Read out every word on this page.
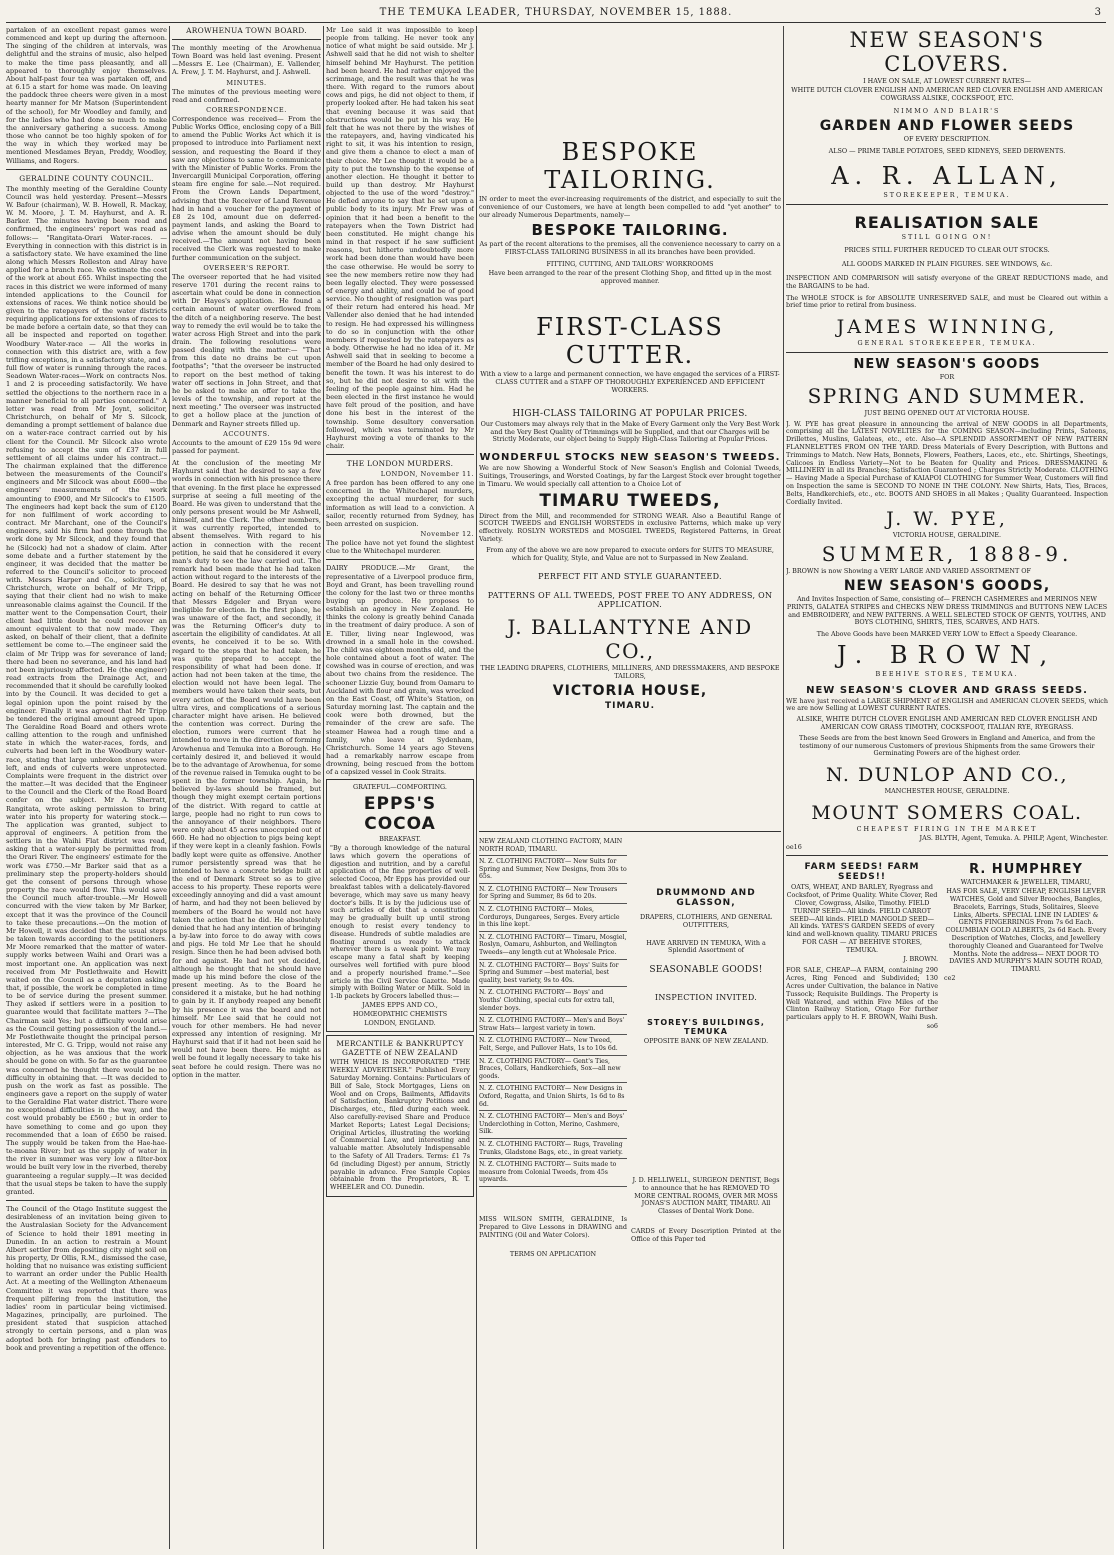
THE TEMUKA LEADER, THURSDAY, NOVEMBER 15, 1888.	3
partaken of an excellent repast games were commenced and kept up during the afternoon. The singing of the children at intervals, was delightful and the strains of music, also helped to make the time pass pleasantly, and all appeared to thoroughly enjoy themselves. About half-past four tea was partaken off, and at 6.15 a start for home was made. On leaving the paddock three cheers were given in a most hearty manner for Mr Matson (Superintendent of the school), for Mr Woodley and family, and for the ladies who had done so much to make the anniversary gathering a success. Among those who cannot be too highly spoken of for the way in which they worked may be mentioned Mesdames Bryan, Preddy, Woodley, Williams, and Rogers.
GERALDINE COUNTY COUNCIL.
The monthly meeting of the Geraldine County Council was held yesterday. Present—Messrs W. Bafour (chairman), W. B. Howell, R. Mackay, W. M. Moore, J. T. M. Hayhurst, and A. R. Barker. The minutes having been read and confirmed, the engineers' report was read as follows:— "Rangitata-Orari Water-races. — Everything in connection with this district is in a satisfactory state. We have examined the line along which Messrs Rolleston and Alray have applied for a branch race. We estimate the cost of the work at about £65. Whilst inspecting the races in this district we were informed of many intended applications to the Council for extensions of races. We think notice should be given to the ratepayers of the water districts requiring applications for extensions of races to be made before a certain date, so that they can all be inspected and reported on together. Woodbury Water-race — All the works in connection with this district are, with a few trifling exceptions, in a satisfactory state, and a full flow of water is running through the races. Seadown Water-races—Work on contracts Nos. 1 and 2 is proceeding satisfactorily. We have settled the objections to the northern race in a manner beneficial to all parties concerned." A letter was read from Mr Joynt, solicitor, Christchurch, on behalf of Mr S. Silcock, demanding a prompt settlement of balance due on a water-race contract carried out by his client for the Council. Mr Silcock also wrote refusing to accept the sum of £37 in full settlement of all claims under his contract.—The chairman explained that the difference between the measurements of the Council's engineers and Mr Silcock was about £600—the engineers' measurements of the work amounting to £900, and Mr Silcock's to £1505. The engineers had kept back the sum of £120 for non fulfilment of work according to contract. Mr Marchant, one of the Council's engineers, said his firm had gone through the work done by Mr Silcock, and they found that he (Silcock) had not a shadow of claim. After some debate and a further statement by the engineer, it was decided that the matter be referred to the Council's solicitor to proceed with. Messrs Harper and Co., solicitors, of Christchurch, wrote on behalf of Mr Tripp, saying that their client had no wish to make unreasonable claims against the Council. If the matter went to the Compensation Court, their client had little doubt he could recover an amount equivalent to that now made. They asked, on behalf of their client, that a definite settlement be come to.—The engineer said the claim of Mr Tripp was for severance of land; there had been no severance, and his land had not been injuriously affected. He (the engineer) read extracts from the Drainage Act, and recommended that it should be carefully looked into by the Council. It was decided to get a legal opinion upon the point raised by the engineer. Finally it was agreed that Mr Tripp be tendered the original amount agreed upon. The Geraldine Road Board and others wrote calling attention to the rough and unfinished state in which the water-races, fords, and culverts had been left in the Woodbury water-race, stating that large unbroken stones were left, and ends of culverts were unprotected. Complaints were frequent in the district over the matter.—It was decided that the Engineer to the Council and the Clerk of the Road Board confer on the subject. Mr A. Sherratt, Rangitata, wrote asking permission to bring water into his property for watering stock.—The application was granted, subject to approval of engineers. A petition from the settlers in the Waihi Flat district was read, asking that a water-supply be permitted from the Orari River. The engineers' estimate for the work was £750.—Mr Barker said that as a preliminary step the property-holders should get the consent of persons through whose property the race would flow. This would save the Council much after-trouble.—Mr Howell concurred with the view taken by Mr Barker, except that it was the province of the Council to take these precautions.—On the motion of Mr Howell, it was decided that the usual steps be taken towards according to the petitioners. Mr Moore remarked that the matter of water-supply works between Waihi and Orari was a most important one. An application was next received from Mr Postlethwaite and Hewitt waited on the Council as a deputation asking that, if possible, the work be completed in time to be of service during the present summer. They asked if settlers were in a position to guarantee would that facilitate matters ?—The Chairman said Yes; but a difficulty would arise as the Council getting possession of the land.—Mr Postlethwaite thought the principal person interested, Mr C. G. Tripp, would not raise any objection, as he was anxious that the work should be gone on with. So far as the guarantee was concerned he thought there would be no difficulty in obtaining that. —It was decided to push on the work as fast as possible. The engineers gave a report on the supply of water to the Geraldine Flat water district. There were no exceptional difficulties in the way, and the cost would probably be £560 ; but in order to have something to come and go upon they recommended that a loan of £650 be raised. The supply would be taken from the Hae-hae-te-moana River; but as the supply of water in the river in summer was very low a filter-box would be built very low in the riverbed, thereby guaranteeing a regular supply.—It was decided that the usual steps be taken to have the supply granted.
The Council of the Otago Institute suggest the desirableness of an invitation being given to the Australasian Society for the Advancement of Science to hold their 1891 meeting in Dunedin. In an action to restrain a Mount Albert settler from depositing city night soil on his property, Dr Ollis, R.M., dismissed the case, holding that no nuisance was existing sufficient to warrant an order under the Public Health Act. At a meeting of the Wellington Athenaeum Committee it was reported that there was frequent pilfering from the institution, the ladies' room in particular being victimised. Magazines, principally, are purloined. The president stated that suspicion attached strongly to certain persons, and a plan was adopted both for bringing past offenders to book and preventing a repetition of the offence.
AROWHENUA TOWN BOARD.
The monthly meeting of the Arowhenua Town Board was held last evening. Present—Messrs E. Lee (Chairman), E. Vallender, A. Frew, J. T. M. Hayhurst, and J. Ashwell.
MINUTES.
The minutes of the previous meeting were read and confirmed.
CORRESPONDENCE.
Correspondence was received— From the Public Works Office, enclosing copy of a Bill to amend the Public Works Act which it is proposed to introduce into Parliament next session, and requesting the Board if they saw any objections to same to communicate with the Minister of Public Works. From the Invercargill Municipal Corporation, offering steam fire engine for sale.—Not required. From the Crown Lands Department, advising that the Receiver of Land Revenue had in hand a voucher for the payment of £8 2s 10d, amount due on deferred-payment lands, and asking the Board to advise when the amount should be duly received.—The amount not having been received the Clerk was requested to make further communication on the subject.
OVERSEER'S REPORT.
The overseer reported that he had visited reserve 1701 during the recent rains to ascertain what could be done in connection with Dr Hayes's application. He found a certain amount of water overflowed from the ditch of a neighboring reserve. The best way to remedy the evil would be to take the water across High Street and into the park drain. The following resolutions were passed dealing with the matter:— "That from this date no drains be cut upon footpaths"; "that the overseer be instructed to report on the best method of taking water off sections in John Street, and that he be asked to make an offer to take the levels of the township, and report at the next meeting." The overseer was instructed to get a hollow place at the junction of Denmark and Rayner streets filled up.
ACCOUNTS.
Accounts to the amount of £29 15s 9d were passed for payment.
At the conclusion of the meeting Mr Hayhurst said that he desired to say a few words in connection with his presence there that evening. In the first place he expressed surprise at seeing a full meeting of the Board. He was given to understand that the only persons present would be Mr Ashwell, himself, and the Clerk. The other members, it was currently reported, intended to absent themselves. With regard to his action in connection with the recent petition, he said that he considered it every man's duty to see the law carried out. The remark had been made that he had taken action without regard to the interests of the Board. He desired to say that he was not acting on behalf of the Returning Officer that Messrs Edgeler and Bryan were ineligible for election. In the first place, he was unaware of the fact, and secondly, it was the Returning Officer's duty to ascertain the eligibility of candidates. At all events, he conceived it to be so. With regard to the steps that he had taken, he was quite prepared to accept the responsibility of what had been done. If action had not been taken at the time, the election would not have been legal. The members would have taken their seats, but every action of the Board would have been ultra vires, and complications of a serious character might have arisen. He believed the contention was correct. During the election, rumors were current that he intended to move in the direction of forming Arowhenua and Temuka into a Borough. He certainly desired it, and believed it would be to the advantage of Arowhenua, for some of the revenue raised in Temuka ought to be spent in the former township. Again, he believed by-laws should be framed, but though they might exempt certain portions of the district. With regard to cattle at large, people had no right to run cows to the annoyance of their neighbors. There were only about 45 acres unoccupied out of 660. He had no objection to pigs being kept if they were kept in a cleanly fashion. Fowls badly kept were quite as offensive. Another rumor persistently spread was that he intended to have a concrete bridge built at the end of Denmark Street so as to give access to his property. These reports were exceedingly annoying and did a vast amount of harm, and had they not been believed by members of the Board he would not have taken the action that he did. He absolutely denied that he had any intention of bringing a by-law into force to do away with cows and pigs. He told Mr Lee that he should resign. Since then he had been advised both for and against. He had not yet decided, although he thought that he should have made up his mind before the close of the present meeting. As to the Board he considered it a mistake, but he had nothing to gain by it. If anybody reaped any benefit by his presence it was the board and not himself. Mr Lee said that he could not vouch for other members. He had never expressed any intention of resigning. Mr Hayhurst said that if it had not been said he would not have been there. He might as well be found it legally necessary to take his seat before he could resign. There was no option in the matter.
Mr Lee said it was impossible to keep people from talking. He never took any notice of what might be said outside. Mr J. Ashwell said that he did not wish to shelter himself behind Mr Hayhurst. The petition had been heard. He had rather enjoyed the scrimmage, and the result was that he was there. With regard to the rumors about cows and pigs, he did not object to them, if properly looked after. He had taken his seat that evening because it was said that obstructions would be put in his way. He felt that he was not there by the wishes of the ratepayers, and, having vindicated his right to sit, it was his intention to resign, and give them a chance to elect a man of their choice. Mr Lee thought it would be a pity to put the township to the expense of another election. He thought it better to build up than destroy. Mr Hayhurst objected to the use of the word "destroy." He defied anyone to say that he set upon a public body to its injury. Mr Frew was of opinion that it had been a benefit to the ratepayers when the Town District had been constituted. He might change his mind in that respect if he saw sufficient reasons, but hitherto undoubtedly more work had been done than would have been the case otherwise. He would be sorry to see the new members retire now they had been legally elected. They were possessed of energy and ability, and could be of good service. No thought of resignation was part of their return had entered his head. Mr Vallender also denied that he had intended to resign. He had expressed his willingness to do so in conjunction with the other members if requested by the ratepayers as a body. Otherwise he had no idea of it. Mr Ashwell said that in seeking to become a member of the Board he had only desired to benefit the town. It was his interest to do so, but he did not desire to sit with the feeling of the people against him. Had he been elected in the first instance he would have felt proud of the position, and have done his best in the interest of the township. Some desultory conversation followed, which was terminated by Mr Hayhurst moving a vote of thanks to the chair.
THE LONDON MURDERS.
LONDON, November 11.
A free pardon has been offered to any one concerned in the Whitechapel murders, excepting the actual murderer, for such information as will lead to a conviction. A sailor, recently returned from Sydney, has been arrested on suspicion.
November 12.
The police have not yet found the slightest clue to the Whitechapel murderer.
DAIRY PRODUCE.—Mr Grant, the representative of a Liverpool produce firm, Boyd and Grant, has been travelling round the colony for the last two or three months buying up produce. He proposes to establish an agency in New Zealand. He thinks the colony is greatly behind Canada in the treatment of dairy produce. A son of E. Tiller, living near Inglewood, was drowned in a small hole in the cowshed. The child was eighteen months old, and the hole contained about a foot of water. The cowshed was in course of erection, and was about two chains from the residence. The schooner Lizzie Guy, bound from Oamaru to Auckland with flour and grain, was wrecked on the East Coast, off White's Station, on Saturday morning last. The captain and the cook were both drowned, but the remainder of the crew are safe. The steamer Hawea had a rough time and a family, who leave at Sydenham, Christchurch. Some 14 years ago Stevens had a remarkably narrow escape from drowning, being rescued from the bottom of a capsized vessel in Cook Straits.
GRATEFUL—COMFORTING.
EPPS'S COCOA
BREAKFAST.
"By a thorough knowledge of the natural laws which govern the operations of digestion and nutrition, and by a careful application of the fine properties of well-selected Cocoa, Mr Epps has provided our breakfast tables with a delicately-flavored beverage, which may save us many heavy doctor's bills. It is by the judicious use of such articles of diet that a constitution may be gradually built up until strong enough to resist every tendency to disease. Hundreds of subtle maladies are floating around us ready to attack wherever there is a weak point. We may escape many a fatal shaft by keeping ourselves well fortified with pure blood and a properly nourished frame."—See article in the Civil Service Gazette. Made simply with Boiling Water or Milk. Sold in 1-lb packets by Grocers labelled thus:—
JAMES EPPS AND CO.,
HOMŒOPATHIC CHEMISTS
LONDON, ENGLAND.
MERCANTILE & BANKRUPTCY GAZETTE of NEW ZEALAND
WITH WHICH IS INCORPORATED "THE WEEKLY ADVERTISER." Published Every Saturday Morning. Contains: Particulars of Bill of Sale, Stock Mortgages, Liens on Wool and on Crops, Bailments, Affidavits of Satisfaction, Bankruptcy Petitions and Discharges, etc., filed during each week. Also carefully-revised Share and Produce Market Reports; Latest Legal Decisions; Original Articles, illustrating the working of Commercial Law, and interesting and valuable matter. Absolutely Indispensable to the Safety of All Traders. Terms: £1 7s 6d (including Digest) per annum, Strictly payable in advance. Free Sample Copies obtainable from the Proprietors, R. T. WHEELER and CO. Dunedin.
BESPOKE TAILORING.
IN order to meet the ever-increasing requirements of the district, and especially to suit the convenience of our Customers, we have at length been compelled to add "yet another" to our already Numerous Departments, namely—
BESPOKE TAILORING.
As part of the recent alterations to the premises, all the convenience necessary to carry on a FIRST-CLASS TAILORING BUSINESS in all its branches have been provided.
FITTING, CUTTING, AND TAILORS' WORKROOMS
Have been arranged to the rear of the present Clothing Shop, and fitted up in the most approved manner.
FIRST-CLASS CUTTER.
With a view to a large and permanent connection, we have engaged the services of a FIRST-CLASS CUTTER and a STAFF OF THOROUGHLY EXPERIENCED AND EFFICIENT WORKERS.
HIGH-CLASS TAILORING AT POPULAR PRICES.
Our Customers may always rely that in the Make of Every Garment only the Very Best Work and the Very Best Quality of Trimmings will be Supplied, and that our Charges will be Strictly Moderate, our object being to Supply High-Class Tailoring at Popular Prices.
WONDERFUL STOCKS NEW SEASON'S TWEEDS.
We are now Showing a Wonderful Stock of New Season's English and Colonial Tweeds, Suitings, Trouserings, and Worsted Coatings, by far the Largest Stock ever brought together in Timaru. We would specially call attention to a Choice Lot of
TIMARU TWEEDS,
Direct from the Mill, and recommended for STRONG WEAR. Also a Beautiful Range of SCOTCH TWEEDS and ENGLISH WORSTEDS in exclusive Patterns, which make up very effectively. ROSLYN WORSTEDS and MOSGIEL TWEEDS, Registered Patterns, in Great Variety.
From any of the above we are now prepared to execute orders for SUITS TO MEASURE, which for Quality, Style, and Value are not to Surpassed in New Zealand.
PERFECT FIT AND STYLE GUARANTEED.
PATTERNS OF ALL TWEEDS, POST FREE TO ANY ADDRESS, ON APPLICATION.
J. BALLANTYNE AND CO.,
THE LEADING DRAPERS, CLOTHIERS, MILLINERS, AND DRESSMAKERS, AND BESPOKE TAILORS,
VICTORIA HOUSE,
TIMARU.
NEW ZEALAND CLOTHING FACTORY, MAIN NORTH ROAD, TIMARU.
N. Z. CLOTHING FACTORY— New Suits for Spring and Summer, New Designs, from 30s to 65s.
N. Z. CLOTHING FACTORY— New Trousers for Spring and Summer, 8s 6d to 20s.
N. Z. CLOTHING FACTORY— Moles, Corduroys, Dungarees, Serges. Every article in this line kept.
N. Z. CLOTHING FACTORY— Timaru, Mosgiel, Roslyn, Oamaru, Ashburton, and Wellington Tweeds—any length cut at Wholesale Price.
N. Z. CLOTHING FACTORY— Boys' Suits for Spring and Summer —best material, best quality, best variety, 9s to 40s.
N. Z. CLOTHING FACTORY— Boys' and Youths' Clothing, special cuts for extra tall, slender boys.
N. Z. CLOTHING FACTORY— Men's and Boys' Straw Hats— largest variety in town.
N. Z. CLOTHING FACTORY— New Tweed, Felt, Serge, and Pullover Hats, 1s to 10s 6d.
N. Z. CLOTHING FACTORY— Gent's Ties, Braces, Collars, Handkerchiefs, Sox—all new goods.
N. Z. CLOTHING FACTORY— New Designs in Oxford, Regatta, and Union Shirts, 1s 6d to 8s 6d.
N. Z. CLOTHING FACTORY— Men's and Boys' Underclothing in Cotton, Merino, Cashmere, Silk.
N. Z. CLOTHING FACTORY— Rugs, Traveling Trunks, Gladstone Bags, etc., in great variety.
N. Z. CLOTHING FACTORY— Suits made to measure from Colonial Tweeds, from 45s upwards.
DRUMMOND AND GLASSON,
DRAPERS, CLOTHIERS, AND GENERAL OUTFITTERS,
HAVE ARRIVED IN TEMUKA, With a Splendid Assortment of
SEASONABLE GOODS!
INSPECTION INVITED.
STOREY'S BUILDINGS, TEMUKA
OPPOSITE BANK OF NEW ZEALAND.
MISS WILSON SMITH, GERALDINE, Is Prepared to Give Lessons in DRAWING and PAINTING (Oil and Water Colors).
TERMS ON APPLICATION
J. D. HELLIWELL, SURGEON DENTIST, Begs to announce that he has REMOVED TO MORE CENTRAL ROOMS, OVER MR MOSS JONAS'S AUCTION MART, TIMARU. All Classes of Dental Work Done.
CARDS of Every Description Printed at the Office of this Paper ted
NEW SEASON'S CLOVERS.
I HAVE ON SALE, AT LOWEST CURRENT RATES—
WHITE DUTCH CLOVER ENGLISH AND AMERICAN RED CLOVER ENGLISH AND AMERICAN COWGRASS ALSIKE, COCKSFOOT, ETC.
NIMMO AND BLAIR'S
GARDEN AND FLOWER SEEDS
OF EVERY DESCRIPTION.
ALSO — PRIME TABLE POTATOES, SEED KIDNEYS, SEED DERWENTS.
A. R. ALLAN,
STOREKEEPER, TEMUKA.
REALISATION SALE
STILL GOING ON!
PRICES STILL FURTHER REDUCED TO CLEAR OUT STOCKS.
ALL GOODS MARKED IN PLAIN FIGURES. SEE WINDOWS, &c.
INSPECTION AND COMPARISON will satisfy everyone of the GREAT REDUCTIONS made, and the BARGAINS to be had.
The WHOLE STOCK is for ABSOLUTE UNRESERVED SALE, and must be Cleared out within a brief time prior to retiral from business.
JAMES WINNING,
GENERAL STOREKEEPER, TEMUKA.
NEW SEASON'S GOODS
FOR
SPRING AND SUMMER.
JUST BEING OPENED OUT AT VICTORIA HOUSE.
J. W. PYE has great pleasure in announcing the arrival of NEW GOODS in all Departments, comprising all the LATEST NOVELTIES for the COMING SEASON—including Prints, Sateens, Drillettes, Muslins, Galateas, etc., etc. Also—A SPLENDID ASSORTMENT OF NEW PATTERN FLANNELETTES FROM ON THE YARD. Dress Materials of Every Description, with Buttons and Trimmings to Match. New Hats, Bonnets, Flowers, Feathers, Laces, etc., etc. Shirtings, Sheetings, Calicoes in Endless Variety—Not to be Beaten for Quality and Prices. DRESSMAKING & MILLINERY in all its Branches; Satisfaction Guaranteed ; Charges Strictly Moderate. CLOTHING— Having Made a Special Purchase of KAIAPOI CLOTHING for Summer Wear, Customers will find on Inspection the same is SECOND TO NONE IN THE COLONY. New Shirts, Hats, Ties, Braces, Belts, Handkerchiefs, etc., etc. BOOTS AND SHOES in all Makes ; Quality Guaranteed. Inspection Cordially Invited.
J. W. PYE,
VICTORIA HOUSE, GERALDINE.
SUMMER, 1888-9.
J. BROWN is now Showing a VERY LARGE AND VARIED ASSORTMENT OF
NEW SEASON'S GOODS,
And Invites Inspection of Same, consisting of— FRENCH CASHMERES and MERINOS NEW PRINTS, GALATEA STRIPES and CHECKS NEW DRESS TRIMMINGS and BUTTONS NEW LACES and EMBROIDERY, and NEW PATTERNS. A WELL SELECTED STOCK OF GENTS, YOUTHS, AND BOYS CLOTHING, SHIRTS, TIES, SCARVES, AND HATS.
The Above Goods have been MARKED VERY LOW to Effect a Speedy Clearance.
J. BROWN,
BEEHIVE STORES, TEMUKA.
NEW SEASON'S CLOVER AND GRASS SEEDS.
WE have just received a LARGE SHIPMENT of ENGLISH and AMERICAN CLOVER SEEDS, which we are now Selling at LOWEST CURRENT RATES.
ALSIKE, WHITE DUTCH CLOVER ENGLISH AND AMERICAN RED CLOVER ENGLISH AND AMERICAN COW GRASS TIMOTHY, COCKSFOOT, ITALIAN RYE, RYEGRASS.
These Seeds are from the best known Seed Growers in England and America, and from the testimony of our numerous Customers of previous Shipments from the same Growers their Germinating Powers are of the highest order.
N. DUNLOP AND CO.,
MANCHESTER HOUSE, GERALDINE.
MOUNT SOMERS COAL.
CHEAPEST FIRING IN THE MARKET
JAS. BLYTH, Agent, Temuka. A. PHILP, Agent, Winchester.
oe16
FARM SEEDS! FARM SEEDS!!
OATS, WHEAT, AND BARLEY, Ryegrass and Cocksfoot, of Prime Quality. White Clover, Red Clover, Cowgrass, Alsike, Timothy. FIELD TURNIP SEED—All kinds. FIELD CARROT SEED—All kinds. FIELD MANGOLD SEED—All kinds. YATES'S GARDEN SEEDS of every kind and well-known quality. TIMARU PRICES FOR CASH — AT BEEHIVE STORES, TEMUKA.
J. BROWN.
FOR SALE, CHEAP—A FARM, containing 290 Acres, Ring Fenced and Subdivided; 130 Acres under Cultivation, the balance in Native Tussock; Requisite Buildings. The Property is Well Watered, and within Five Miles of the Clinton Railway Station, Otago For further particulars apply to H. F. BROWN, Waihi Bush.
so6
R. HUMPHREY
WATCHMAKER & JEWELLER, TIMARU,
HAS FOR SALE, VERY CHEAP, ENGLISH LEVER WATCHES, Gold and Silver Brooches, Bangles, Bracelets, Earrings, Studs, Solitaires, Sleeve Links, Alberts. SPECIAL LINE IN LADIES' & GENTS FINGERRINGS From 7s 6d Each. COLUMBIAN GOLD ALBERTS, 2s 6d Each. Every Description of Watches, Clocks, and Jewellery thoroughly Cleaned and Guaranteed for Twelve Months. Note the address— NEXT DOOR TO DAVIES AND MURPHY'S MAIN SOUTH ROAD, TIMARU.
ce2
